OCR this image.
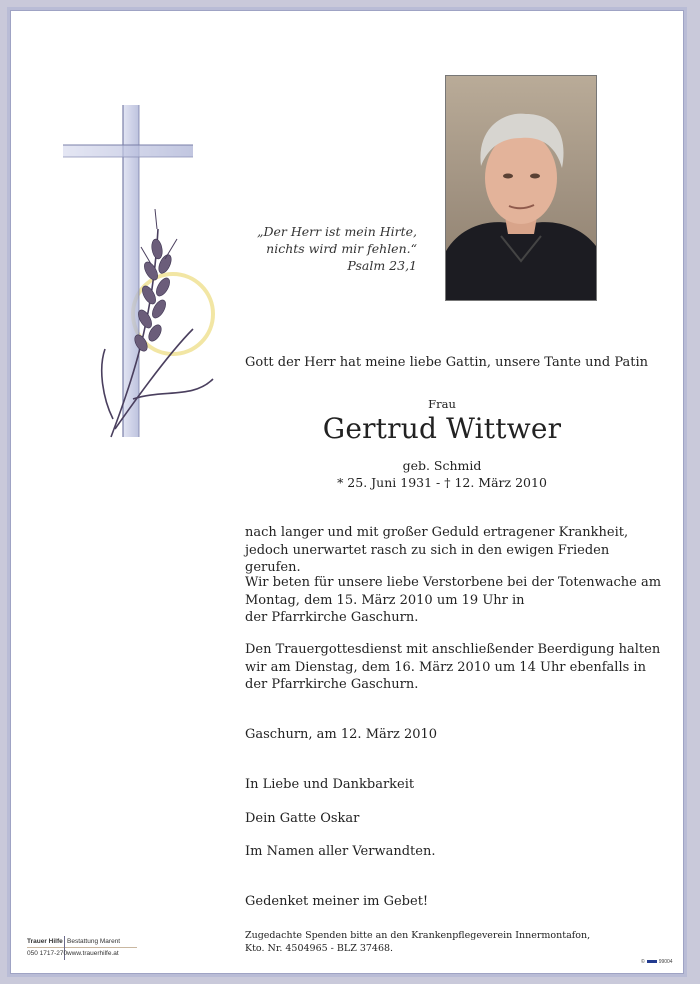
„Der Herr ist mein Hirte,
nichts wird mir fehlen.“
Psalm 23,1
Gott der Herr hat meine liebe Gattin, unsere Tante und Patin
Frau
Gertrud Wittwer
geb. Schmid
* 25. Juni 1931 - † 12. März 2010
nach langer und mit großer Geduld ertragener Krankheit,
jedoch unerwartet rasch zu sich in den ewigen Frieden gerufen.
Wir beten für unsere liebe Verstorbene bei der Totenwache am
Montag, dem 15. März 2010 um 19 Uhr in
der Pfarrkirche Gaschurn.
Den Trauergottesdienst mit anschließender Beerdigung halten
wir am Dienstag, dem 16. März 2010 um 14 Uhr ebenfalls in
der Pfarrkirche Gaschurn.
Gaschurn, am 12. März 2010
In Liebe und Dankbarkeit
Dein Gatte Oskar
Im Namen aller Verwandten.
Gedenket meiner im Gebet!
Zugedachte Spenden bitte an den Krankenpflegeverein Innermontafon,
Kto. Nr. 4504965 - BLZ 37468.
Trauer Hilfe Bestattung Marent
050 1717-270 www.trauerhilfe.at
©	99004
